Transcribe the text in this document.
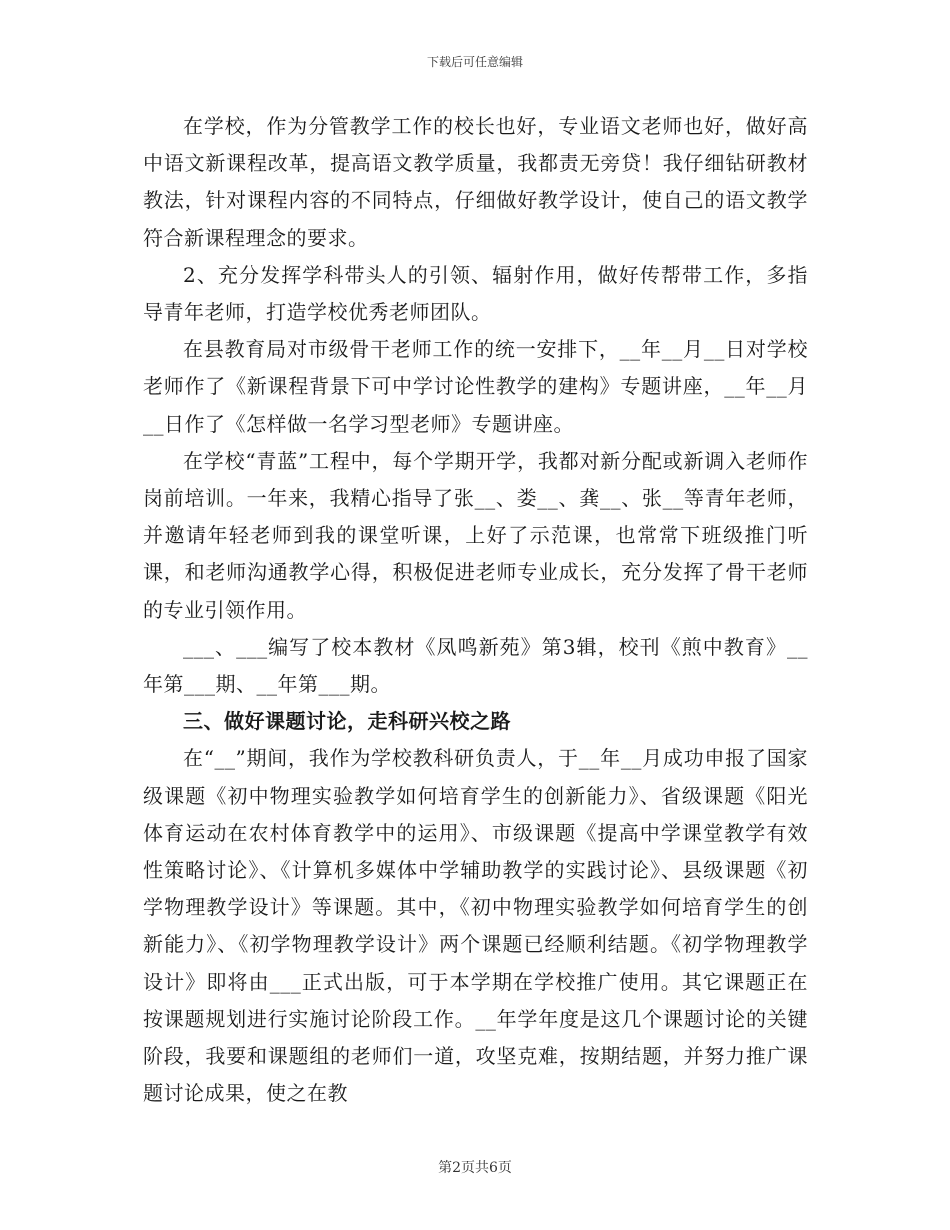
下载后可任意编辑

在学校，作为分管教学工作的校长也好，专业语文老师也好，做好高中语文新课程改革，提高语文教学质量，我都责无旁贷！我仔细钻研教材教法，针对课程内容的不同特点，仔细做好教学设计，使自己的语文教学符合新课程理念的要求。

2、充分发挥学科带头人的引领、辐射作用，做好传帮带工作，多指导青年老师，打造学校优秀老师团队。

在县教育局对市级骨干老师工作的统一安排下，__年__月__日对学校老师作了《新课程背景下可中学讨论性教学的建构》专题讲座，__年__月__日作了《怎样做一名学习型老师》专题讲座。

在学校“青蓝”工程中，每个学期开学，我都对新分配或新调入老师作岗前培训。一年来，我精心指导了张__、娄__、龚__、张__等青年老师，并邀请年轻老师到我的课堂听课，上好了示范课，也常常下班级推门听课，和老师沟通教学心得，积极促进老师专业成长，充分发挥了骨干老师的专业引领作用。

___、___编写了校本教材《凤鸣新苑》第3辑，校刊《煎中教育》__年第___期、__年第___期。

三、做好课题讨论，走科研兴校之路

在“__”期间，我作为学校教科研负责人，于__年__月成功申报了国家级课题《初中物理实验教学如何培育学生的创新能力》、省级课题《阳光体育运动在农村体育教学中的运用》、市级课题《提高中学课堂教学有效性策略讨论》、《计算机多媒体中学辅助教学的实践讨论》、县级课题《初学物理教学设计》等课题。其中，《初中物理实验教学如何培育学生的创新能力》、《初学物理教学设计》两个课题已经顺利结题。《初学物理教学设计》即将由___正式出版，可于本学期在学校推广使用。其它课题正在按课题规划进行实施讨论阶段工作。__年学年度是这几个课题讨论的关键阶段，我要和课题组的老师们一道，攻坚克难，按期结题，并努力推广课题讨论成果，使之在教

第2页共6页
